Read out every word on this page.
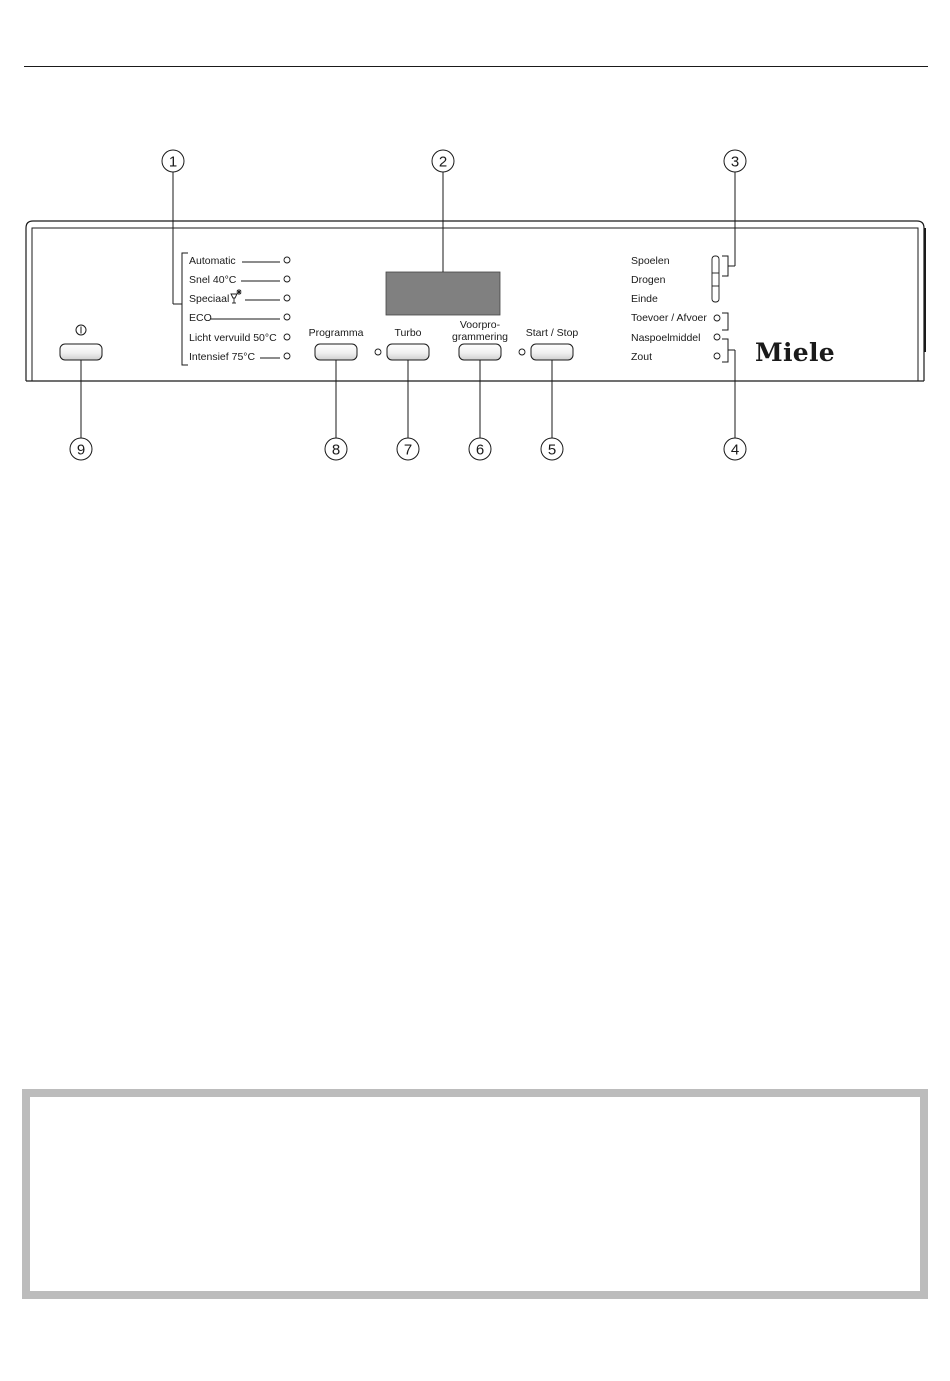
Automatic
Snel 40°C
Speciaal
ECO
Licht vervuild 50°C
Intensief 75°C
Programma	Turbo
Voorpro-
grammering Start / Stop
Spoelen
Drogen
Einde
Toevoer / Afvoer
Naspoelmiddel
Zout	Miele
1	2	3
4
5
6
7
8
9
